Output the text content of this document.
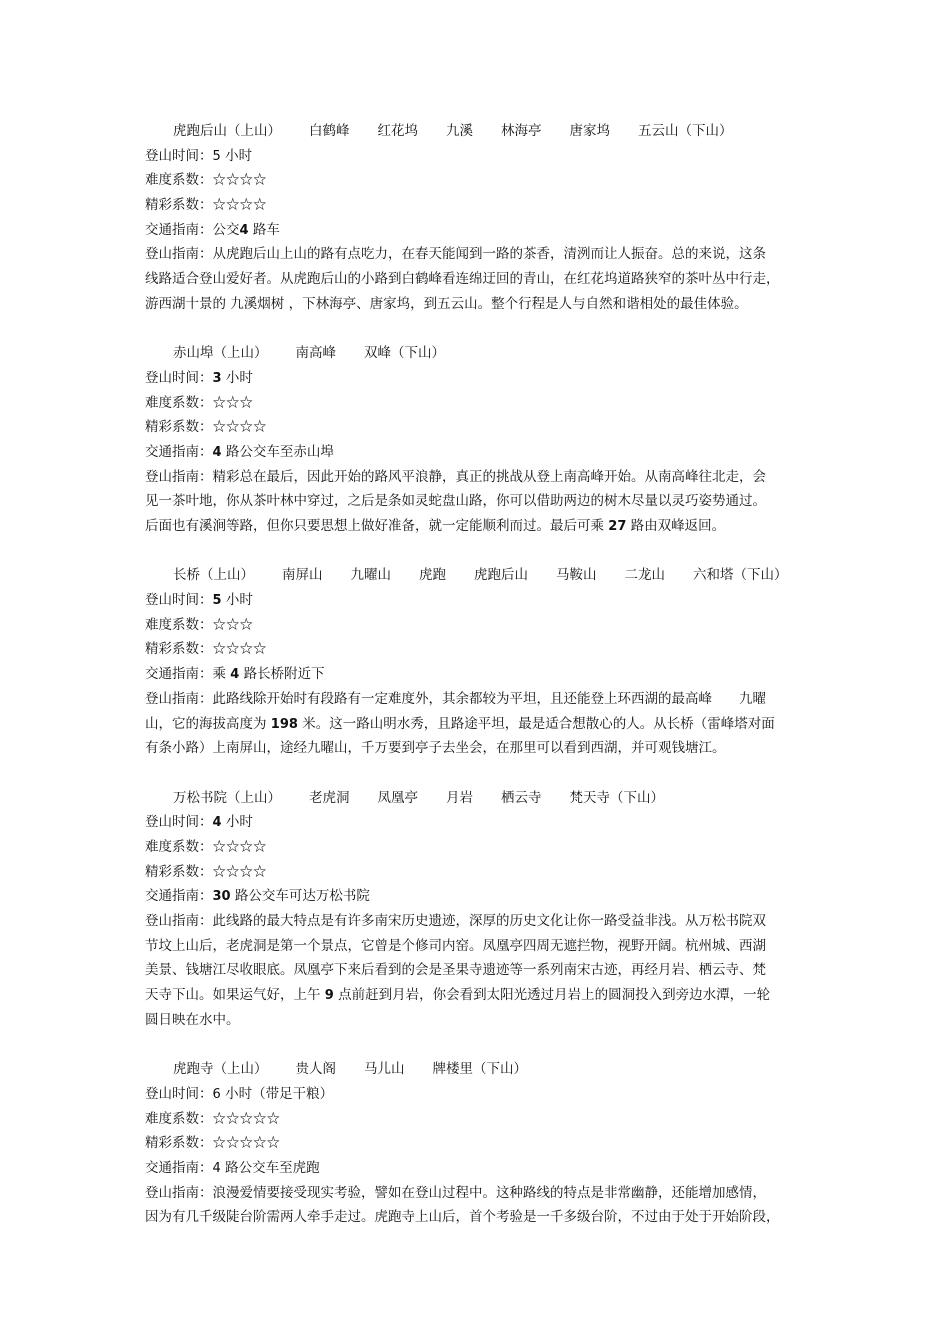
虎跑后山（上山） 白鹤峰 红花坞 九溪 林海亭 唐家坞 五云山（下山）
登山时间：5 小时
难度系数：☆☆☆☆
精彩系数：☆☆☆☆
交通指南：公交4 路车
登山指南：从虎跑后山上山的路有点吃力，在春天能闻到一路的茶香，清洌而让人振奋。总的来说，这条
线路适合登山爱好者。从虎跑后山的小路到白鹤峰看连绵迂回的青山，在红花坞道路狭窄的茶叶丛中行走，
游西湖十景的 九溪烟树 ，下林海亭、唐家坞，到五云山。整个行程是人与自然和谐相处的最佳体验。
赤山埠（上山） 南高峰 双峰（下山）
登山时间：3 小时
难度系数：☆☆☆
精彩系数：☆☆☆☆
交通指南：4 路公交车至赤山埠
登山指南：精彩总在最后，因此开始的路风平浪静，真正的挑战从登上南高峰开始。从南高峰往北走，会
见一茶叶地，你从茶叶林中穿过，之后是条如灵蛇盘山路，你可以借助两边的树木尽量以灵巧姿势通过。
后面也有溪涧等路，但你只要思想上做好准备，就一定能顺利而过。最后可乘 27 路由双峰返回。
长桥（上山） 南屏山 九曜山 虎跑 虎跑后山 马鞍山 二龙山 六和塔（下山）
登山时间：5 小时
难度系数：☆☆☆
精彩系数：☆☆☆☆
交通指南：乘 4 路长桥附近下
登山指南：此路线除开始时有段路有一定难度外，其余都较为平坦，且还能登上环西湖的最高峰　　九曜
山，它的海拔高度为 198 米。这一路山明水秀，且路途平坦，最是适合想散心的人。从长桥（雷峰塔对面
有条小路）上南屏山，途经九曜山，千万要到亭子去坐会，在那里可以看到西湖，并可观钱塘江。
万松书院（上山） 老虎洞 凤凰亭 月岩 栖云寺 梵天寺（下山）
登山时间：4 小时
难度系数：☆☆☆☆
精彩系数：☆☆☆☆
交通指南：30 路公交车可达万松书院
登山指南：此线路的最大特点是有许多南宋历史遗迹，深厚的历史文化让你一路受益非浅。从万松书院双
节坟上山后，老虎洞是第一个景点，它曾是个修司内窑。凤凰亭四周无遮拦物，视野开阔。杭州城、西湖
美景、钱塘江尽收眼底。凤凰亭下来后看到的会是圣果寺遗迹等一系列南宋古迹，再经月岩、栖云寺、梵
天寺下山。如果运气好，上午 9 点前赶到月岩，你会看到太阳光透过月岩上的圆洞投入到旁边水潭，一轮
圆日映在水中。
虎跑寺（上山） 贵人阁 马儿山 牌楼里（下山）
登山时间：6 小时（带足干粮）
难度系数：☆☆☆☆☆
精彩系数：☆☆☆☆☆
交通指南：4 路公交车至虎跑
登山指南：浪漫爱情要接受现实考验，譬如在登山过程中。这种路线的特点是非常幽静，还能增加感情，
因为有几千级陡台阶需两人牵手走过。虎跑寺上山后，首个考验是一千多级台阶，不过由于处于开始阶段，
